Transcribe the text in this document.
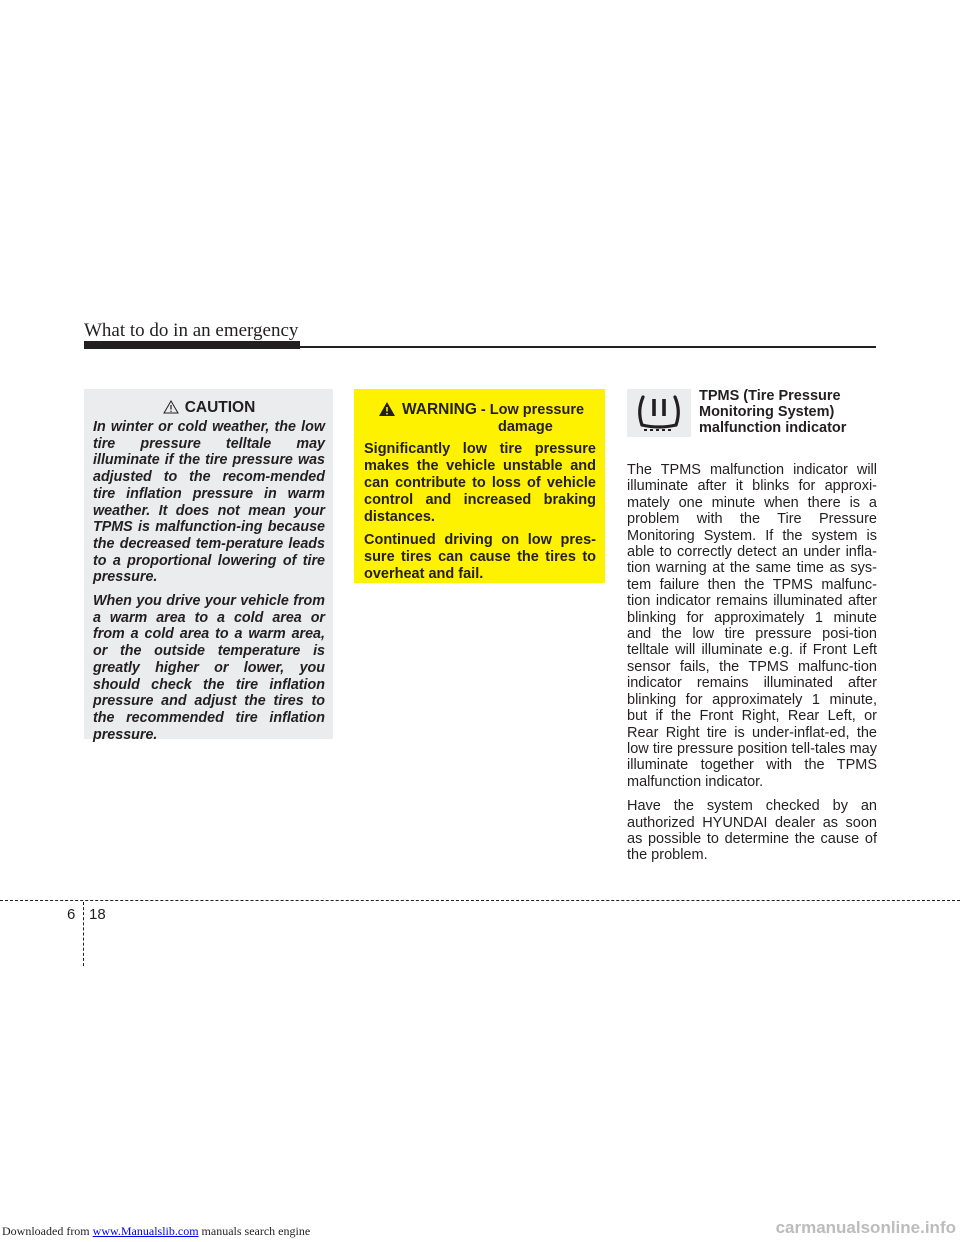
What to do in an emergency
CAUTION

In winter or cold weather, the low tire pressure telltale may illuminate if the tire pressure was adjusted to the recom-mended tire inflation pressure in warm weather. It does not mean your TPMS is malfunction-ing because the decreased tem-perature leads to a proportional lowering of tire pressure.

When you drive your vehicle from a warm area to a cold area or from a cold area to a warm area, or the outside temperature is greatly higher or lower, you should check the tire inflation pressure and adjust the tires to the recommended tire inflation pressure.

WARNING - Low pressure
damage

Significantly low tire pressure makes the vehicle unstable and can contribute to loss of vehicle control and increased braking distances.

Continued driving on low pres-sure tires can cause the tires to overheat and fail.

TPMS (Tire Pressure
Monitoring System)
malfunction indicator

The TPMS malfunction indicator will illuminate after it blinks for approxi-mately one minute when there is a problem with the Tire Pressure Monitoring System. If the system is able to correctly detect an under infla-tion warning at the same time as sys-tem failure then the TPMS malfunc-tion indicator remains illuminated after blinking for approximately 1 minute and the low tire pressure posi-tion telltale will illuminate e.g. if Front Left sensor fails, the TPMS malfunc-tion indicator remains illuminated after blinking for approximately 1 minute, but if the Front Right, Rear Left, or Rear Right tire is under-inflat-ed, the low tire pressure position tell-tales may illuminate together with the TPMS malfunction indicator.

Have the system checked by an authorized HYUNDAI dealer as soon as possible to determine the cause of the problem.

6 18
Downloaded from www.Manualslib.com manuals search engine	carmanualsonline.info
